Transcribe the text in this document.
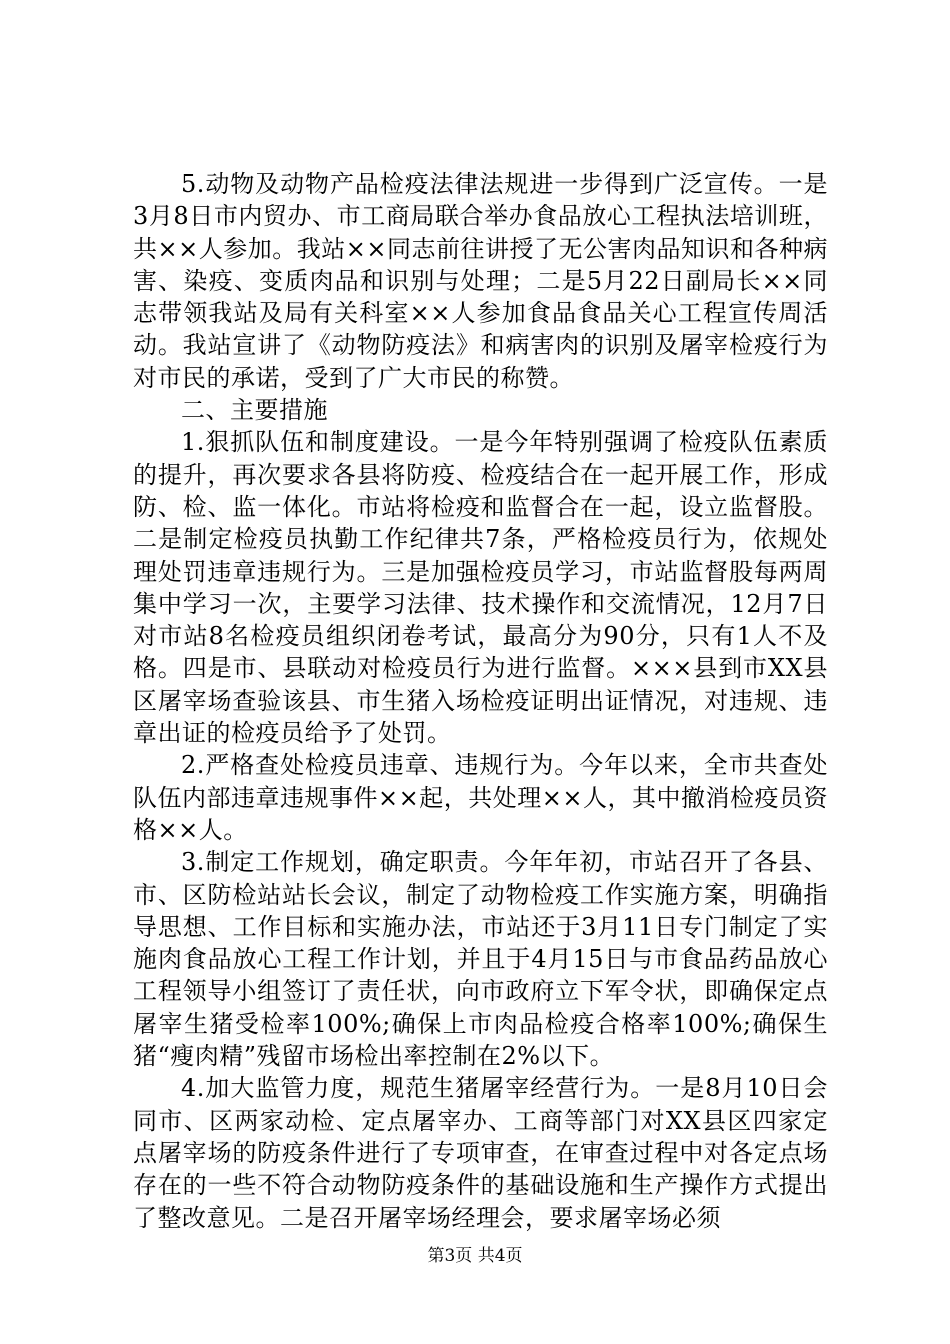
5.动物及动物产品检疫法律法规进一步得到广泛宣传。一是3月8日市内贸办、市工商局联合举办食品放心工程执法培训班，共××人参加。我站××同志前往讲授了无公害肉品知识和各种病害、染疫、变质肉品和识别与处理；二是5月22日副局长××同志带领我站及局有关科室××人参加食品食品关心工程宣传周活动。我站宣讲了《动物防疫法》和病害肉的识别及屠宰检疫行为对市民的承诺，受到了广大市民的称赞。

二、主要措施

1.狠抓队伍和制度建设。一是今年特别强调了检疫队伍素质的提升，再次要求各县将防疫、检疫结合在一起开展工作，形成防、检、监一体化。市站将检疫和监督合在一起，设立监督股。二是制定检疫员执勤工作纪律共7条，严格检疫员行为，依规处理处罚违章违规行为。三是加强检疫员学习，市站监督股每两周集中学习一次，主要学习法律、技术操作和交流情况，12月7日对市站8名检疫员组织闭卷考试，最高分为90分，只有1人不及格。四是市、县联动对检疫员行为进行监督。×××县到市XX县区屠宰场查验该县、市生猪入场检疫证明出证情况，对违规、违章出证的检疫员给予了处罚。

2.严格查处检疫员违章、违规行为。今年以来，全市共查处队伍内部违章违规事件××起，共处理××人，其中撤消检疫员资格××人。

3.制定工作规划，确定职责。今年年初，市站召开了各县、市、区防检站站长会议，制定了动物检疫工作实施方案，明确指导思想、工作目标和实施办法，市站还于3月11日专门制定了实施肉食品放心工程工作计划，并且于4月15日与市食品药品放心工程领导小组签订了责任状，向市政府立下军令状，即确保定点屠宰生猪受检率100%;确保上市肉品检疫合格率100%;确保生猪“瘦肉精”残留市场检出率控制在2%以下。

4.加大监管力度，规范生猪屠宰经营行为。一是8月10日会同市、区两家动检、定点屠宰办、工商等部门对XX县区四家定点屠宰场的防疫条件进行了专项审查，在审查过程中对各定点场存在的一些不符合动物防疫条件的基础设施和生产操作方式提出了整改意见。二是召开屠宰场经理会，要求屠宰场必须

第3页 共4页
